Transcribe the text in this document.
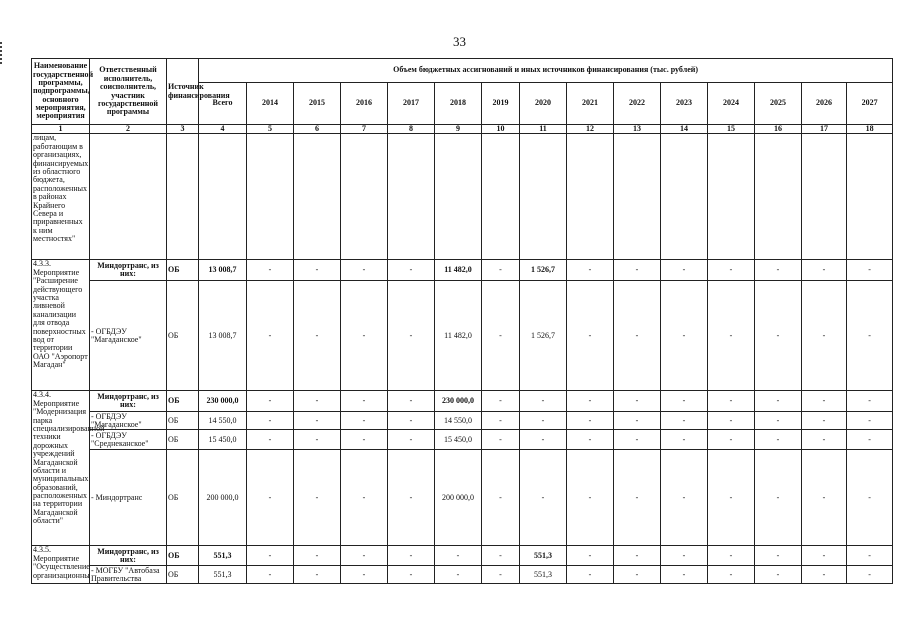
33
Наименование государственной программы, подпрограммы, основного мероприятия, мероприятия	Ответственный исполнитель, соисполнитель, участник государственной программы	Источник финансирования	Объем бюджетных ассигнований и иных источников финансирования (тыс. рублей)														
			Всего	2014	2015	2016	2017	2018	2019	2020	2021	2022	2023	2024	2025	2026	2027
1	2	3	4	5	6	7	8	9	10	11	12	13	14	15	16	17	18
лицам, работающим в организациях, финансируемых из областного бюджета, расположенных в районах Крайнего Севера и приравненных к ним местностях"																	
4.3.3. Мероприятие "Расширение действующего участка ливневой канализации для отвода поверхностных вод от территории ОАО "Аэропорт Магадан"	Миндортранс, из них:	ОБ	13 008,7	-	-	-	-	11 482,0	-	1 526,7	-	-	-	-	-	-	-
	- ОГБДЭУ "Магаданское"	ОБ	13 008,7	-	-	-	-	11 482,0	-	1 526,7	-	-	-	-	-	-	-
4.3.4. Мероприятие "Модернизация парка специализированной техники дорожных учреждений Магаданской области и муниципальных образований, расположенных на территории Магаданской области"	Миндортранс, из них:	ОБ	230 000,0	-	-	-	-	230 000,0	-	-	-	-	-	-	-	-	-
	- ОГБДЭУ "Магаданское"	ОБ	14 550,0	-	-	-	-	14 550,0	-	-	-	-	-	-	-	-	-
	- ОГБДЭУ "Среднеканское"	ОБ	15 450,0	-	-	-	-	15 450,0	-	-	-	-	-	-	-	-	-
	- Миндортранс	ОБ	200 000,0	-	-	-	-	200 000,0	-	-	-	-	-	-	-	-	-
4.3.5. Мероприятие "Осуществление организационны	Миндортранс, из них:	ОБ	551,3	-	-	-	-	-	-	551,3	-	-	-	-	-	-	-
	- МОГБУ "Автобаза Правительства	ОБ	551,3	-	-	-	-	-	-	551,3	-	-	-	-	-	-	-
